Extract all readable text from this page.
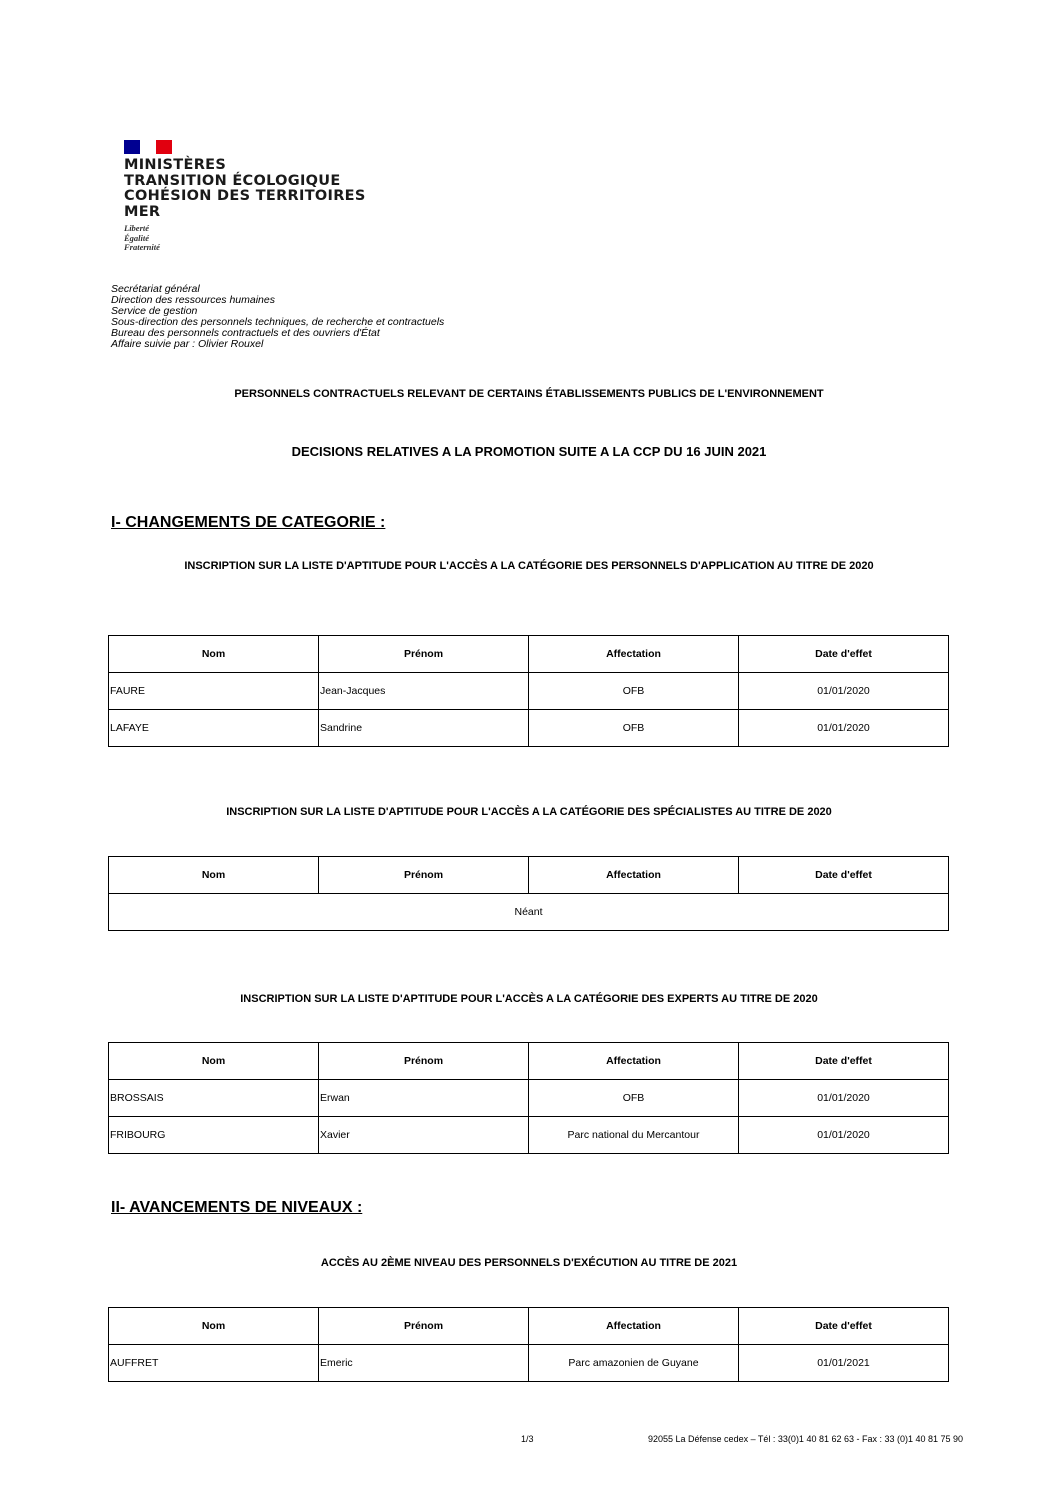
MINISTÈRES
TRANSITION ÉCOLOGIQUE
COHÉSION DES TERRITOIRES
MER
Liberté
Égalité
Fraternité
Secrétariat général
Direction des ressources humaines
Service de gestion
Sous-direction des personnels techniques, de recherche et contractuels
Bureau des personnels contractuels et des ouvriers d'État
Affaire suivie par : Olivier Rouxel
PERSONNELS CONTRACTUELS RELEVANT DE CERTAINS ÉTABLISSEMENTS PUBLICS DE L'ENVIRONNEMENT
DECISIONS RELATIVES A LA PROMOTION SUITE A LA CCP DU 16 JUIN 2021
I- CHANGEMENTS DE CATEGORIE :
INSCRIPTION SUR LA LISTE D'APTITUDE POUR L'ACCÈS A LA CATÉGORIE DES PERSONNELS D'APPLICATION AU TITRE DE 2020
Nom	Prénom	Affectation	Date d'effet
FAURE	Jean-Jacques	OFB	01/01/2020
LAFAYE	Sandrine	OFB	01/01/2020
INSCRIPTION SUR LA LISTE D'APTITUDE POUR L'ACCÈS A LA CATÉGORIE DES SPÉCIALISTES AU TITRE DE 2020
Nom	Prénom	Affectation	Date d'effet
Néant
INSCRIPTION SUR LA LISTE D'APTITUDE POUR L'ACCÈS A LA CATÉGORIE DES EXPERTS AU TITRE DE 2020
Nom	Prénom	Affectation	Date d'effet
BROSSAIS	Erwan	OFB	01/01/2020
FRIBOURG	Xavier	Parc national du Mercantour	01/01/2020
II- AVANCEMENTS DE NIVEAUX :
ACCÈS AU 2ÈME NIVEAU DES PERSONNELS D'EXÉCUTION AU TITRE DE 2021
Nom	Prénom	Affectation	Date d'effet
AUFFRET	Emeric	Parc amazonien de Guyane	01/01/2021
1/3	92055 La Défense cedex – Tél : 33(0)1 40 81 62 63 - Fax : 33 (0)1 40 81 75 90
